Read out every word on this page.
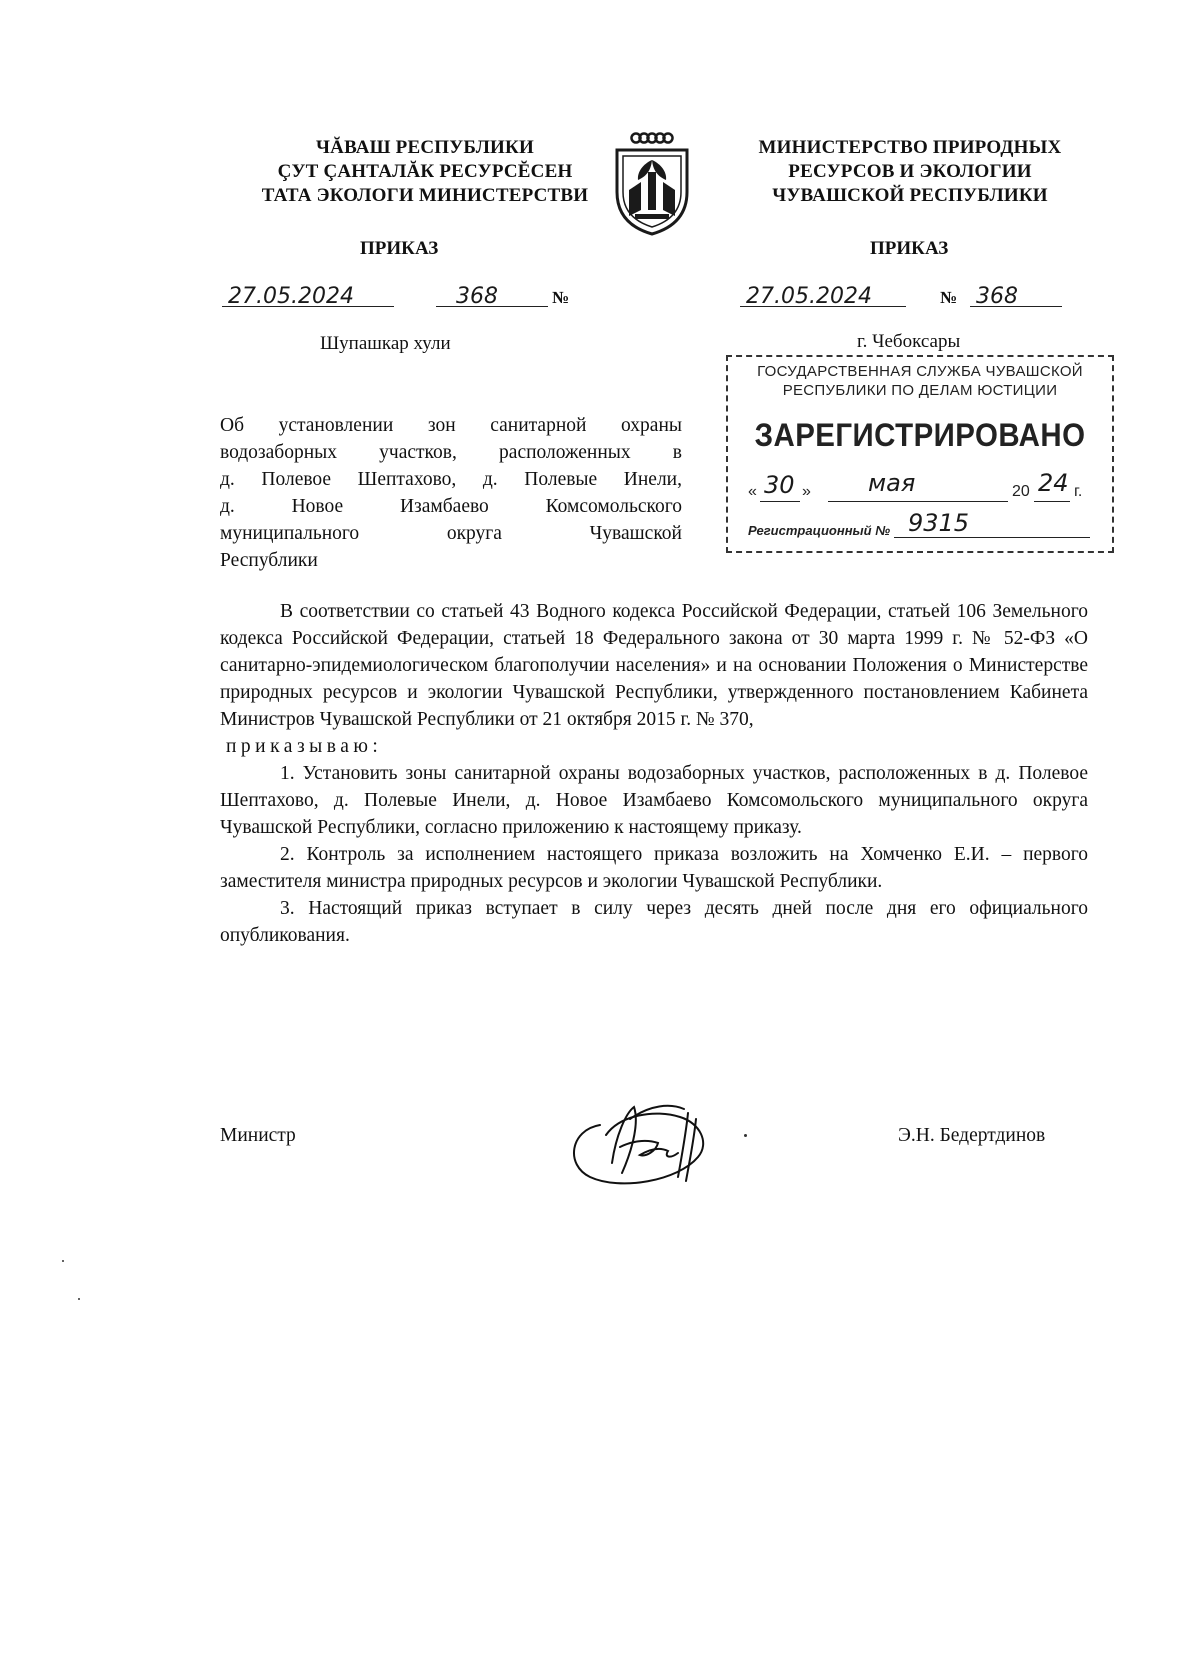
ЧĂВАШ РЕСПУБЛИКИ
ÇУТ ÇАНТАЛĂК РЕСУРСĔСЕН
ТАТА ЭКОЛОГИ МИНИСТЕРСТВИ
МИНИСТЕРСТВО ПРИРОДНЫХ
РЕСУРСОВ И ЭКОЛОГИИ
ЧУВАШСКОЙ РЕСПУБЛИКИ
ПРИКАЗ	ПРИКАЗ
27.05.2024	368	№	27.05.2024	№ 368
Шупашкар хули	г. Чебоксары
ГОСУДАРСТВЕННАЯ СЛУЖБА ЧУВАШСКОЙ
РЕСПУБЛИКИ ПО ДЕЛАМ ЮСТИЦИИ
ЗАРЕГИСТРИРОВАНО
« 30 » мая	20 24 г.
Регистрационный № 9315
Об установлении зон санитарной охраны
водозаборных участков, расположенных в
д. Полевое Шептахово, д. Полевые Инели,
д. Новое Изамбаево Комсомольского
муниципального округа Чувашской
Республики

В соответствии со статьей 43 Водного кодекса Российской Федерации, статьей 106 Земельного кодекса Российской Федерации, статьей 18 Федерального закона от 30 марта 1999 г. № 52-ФЗ «О санитарно-эпидемиологическом благополучии населения» и на основании Положения о Министерстве природных ресурсов и экологии Чувашской Республики, утвержденного постановлением Кабинета Министров Чувашской Республики от 21 октября 2015 г. № 370,

приказываю:

1. Установить зоны санитарной охраны водозаборных участков, расположенных в д. Полевое Шептахово, д. Полевые Инели, д. Новое Изамбаево Комсомольского муниципального округа Чувашской Республики, согласно приложению к настоящему приказу.

2. Контроль за исполнением настоящего приказа возложить на Хомченко Е.И. – первого заместителя министра природных ресурсов и экологии Чувашской Республики.

3. Настоящий приказ вступает в силу через десять дней после дня его официального опубликования.

Министр	Э.Н. Бедертдинов
